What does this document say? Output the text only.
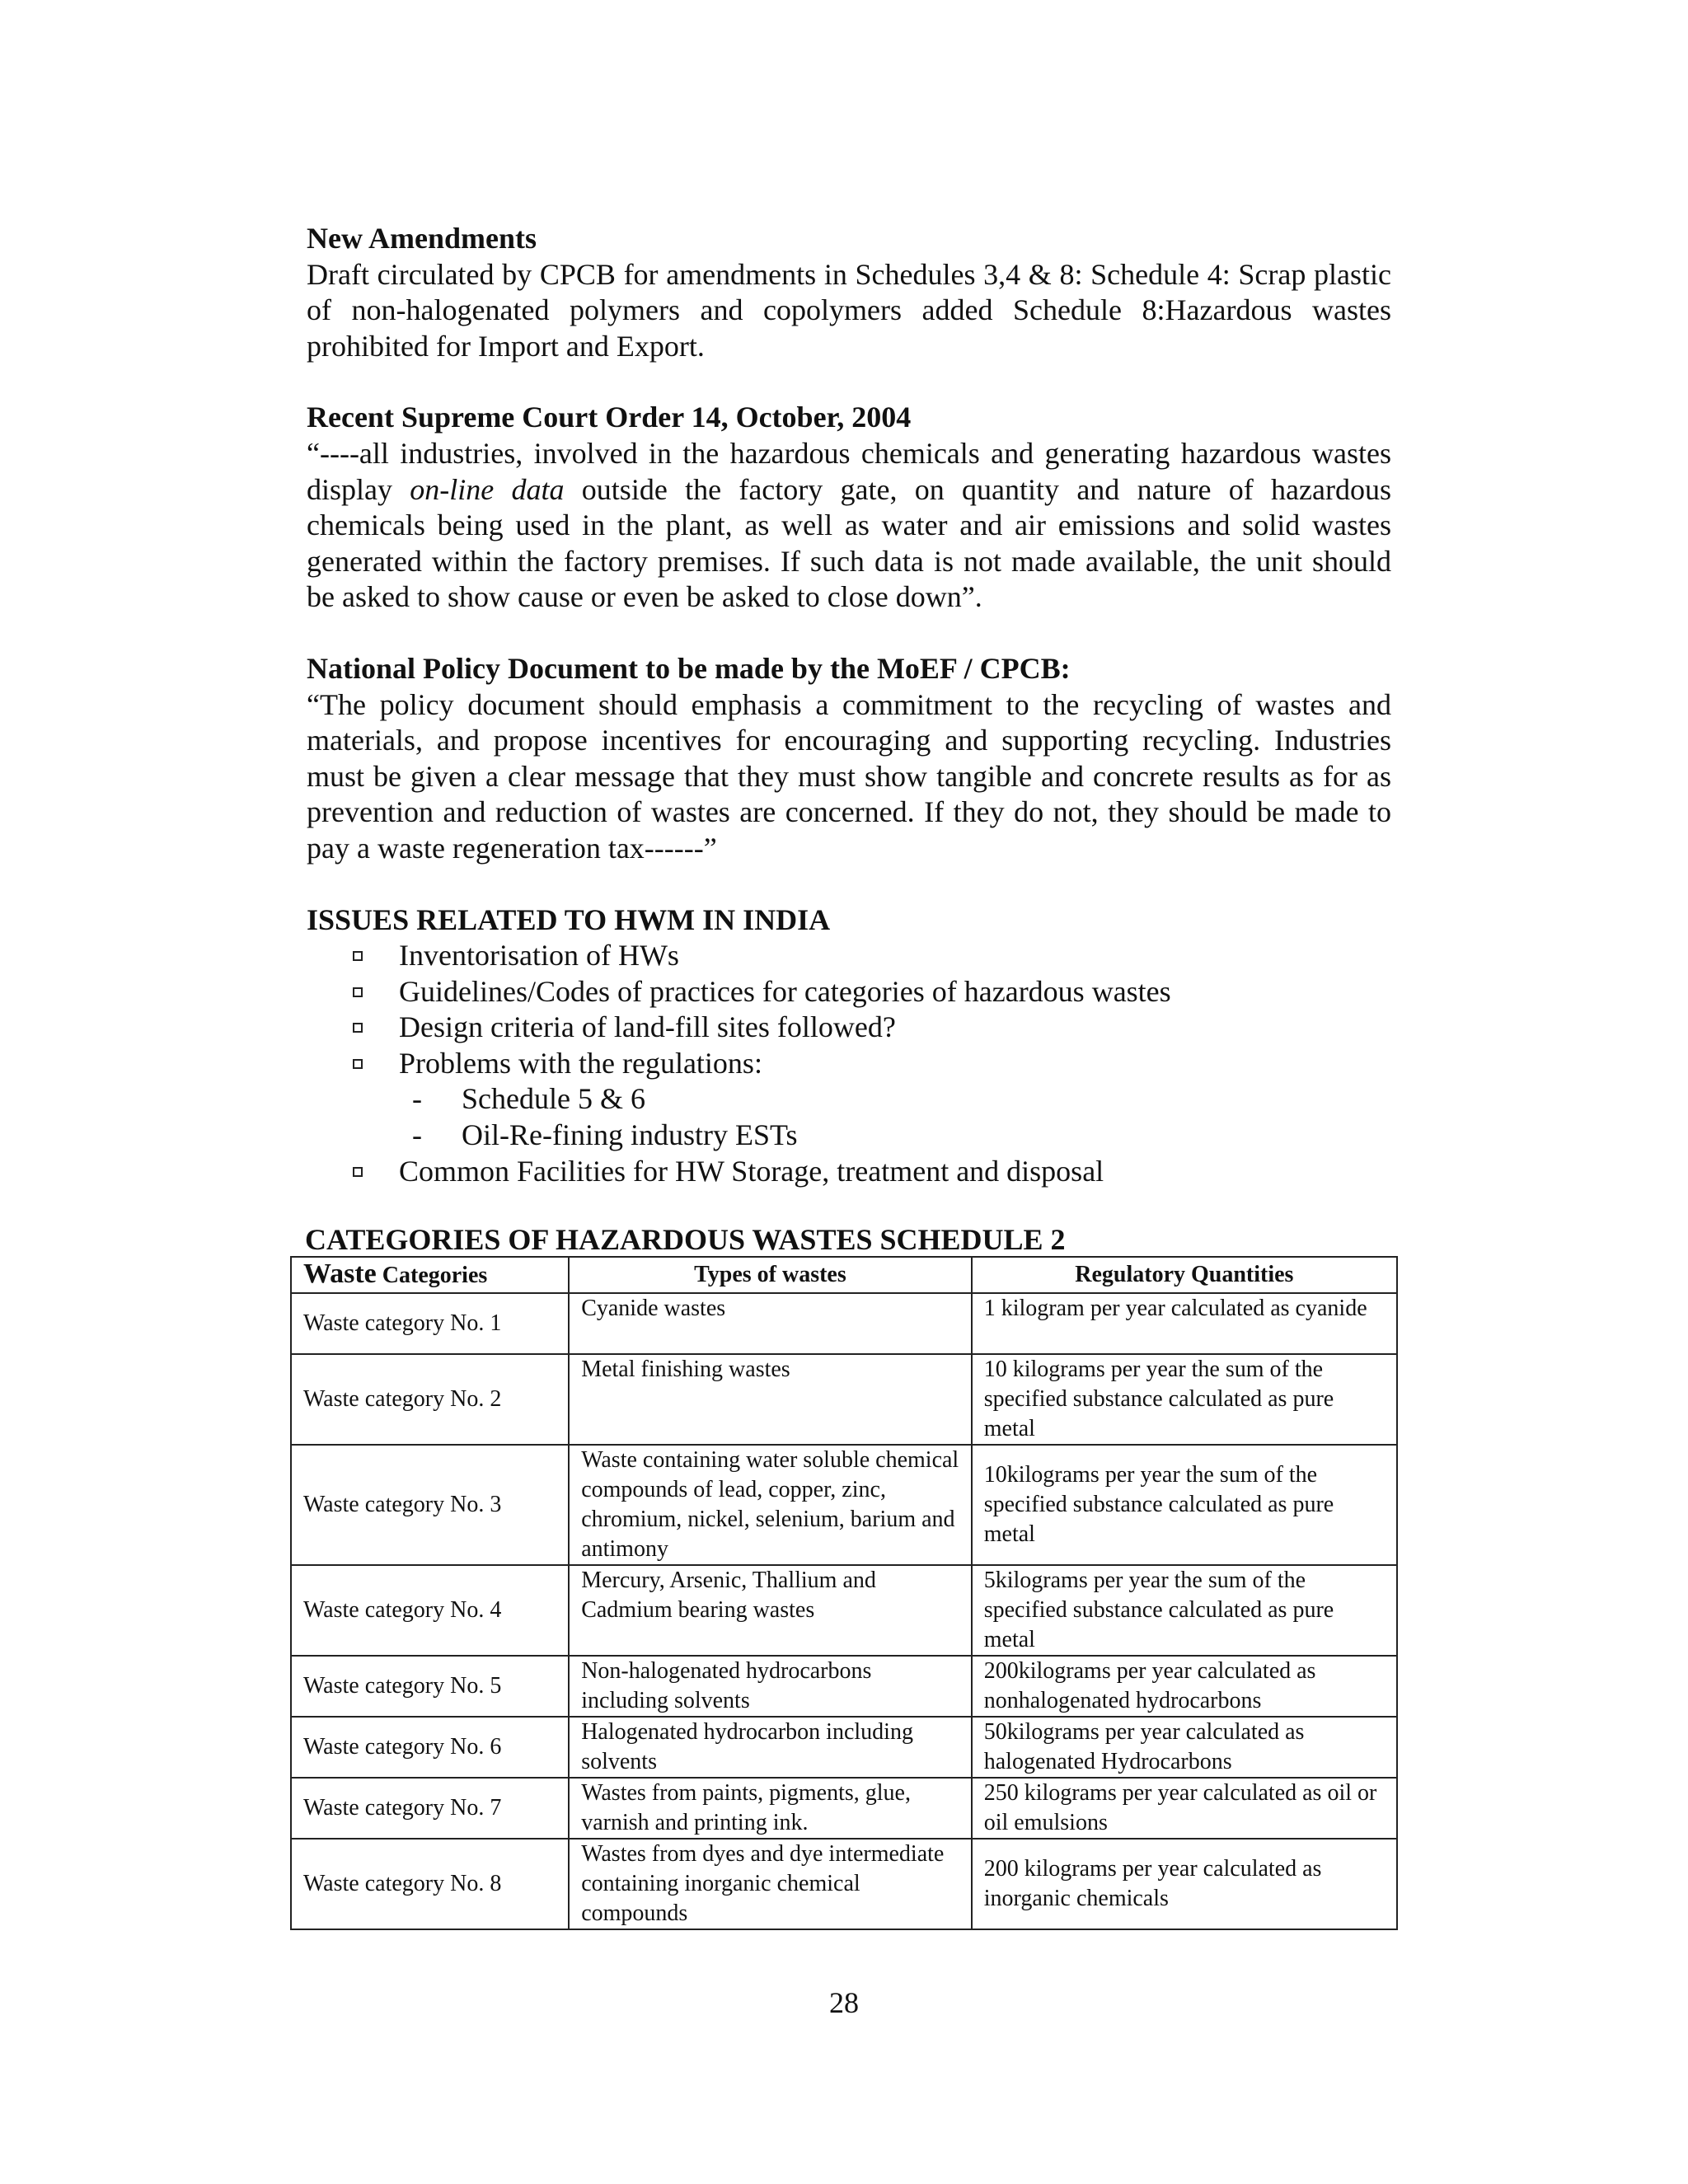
New Amendments

Draft circulated by CPCB for amendments in Schedules 3,4 & 8: Schedule 4: Scrap plastic of non-halogenated polymers and copolymers added Schedule 8:Hazardous wastes prohibited for Import and Export.

Recent Supreme Court Order 14, October, 2004

“----all industries, involved in the hazardous chemicals and generating hazardous wastes display on-line data outside the factory gate, on quantity and nature of hazardous chemicals being used in the plant, as well as water and air emissions and solid wastes generated within the factory premises. If such data is not made available, the unit should be asked to show cause or even be asked to close down”.

National Policy Document to be made by the MoEF / CPCB:

“The policy document should emphasis a commitment to the recycling of wastes and materials, and propose incentives for encouraging and supporting recycling. Industries must be given a clear message that they must show tangible and concrete results as for as prevention and reduction of wastes are concerned. If they do not, they should be made to pay a waste regeneration tax------”

ISSUES RELATED TO HWM IN INDIA

Inventorisation of HWs
Guidelines/Codes of practices for categories of hazardous wastes
Design criteria of land-fill sites followed?
Problems with the regulations:
- Schedule 5 & 6
- Oil-Re-fining industry ESTs
Common Facilities for HW Storage, treatment and disposal

CATEGORIES OF HAZARDOUS WASTES SCHEDULE 2

Waste Categories	Types of wastes	Regulatory Quantities
Waste category No. 1	Cyanide wastes	1 kilogram per year calculated as cyanide
Waste category No. 2	Metal finishing wastes	10 kilograms per year the sum of the specified substance calculated as pure metal
Waste category No. 3	Waste containing water soluble chemical compounds of lead, copper, zinc, chromium, nickel, selenium, barium and antimony	10kilograms per year the sum of the specified substance calculated as pure metal
Waste category No. 4	Mercury, Arsenic, Thallium and Cadmium bearing wastes	5kilograms per year the sum of the specified substance calculated as pure metal
Waste category No. 5	Non-halogenated hydrocarbons including solvents	200kilograms per year calculated as nonhalogenated hydrocarbons
Waste category No. 6	Halogenated hydrocarbon including solvents	50kilograms per year calculated as halogenated Hydrocarbons
Waste category No. 7	Wastes from paints, pigments, glue, varnish and printing ink.	250 kilograms per year calculated as oil or oil emulsions
Waste category No. 8	Wastes from dyes and dye intermediate containing inorganic chemical compounds	200 kilograms per year calculated as inorganic chemicals
28
